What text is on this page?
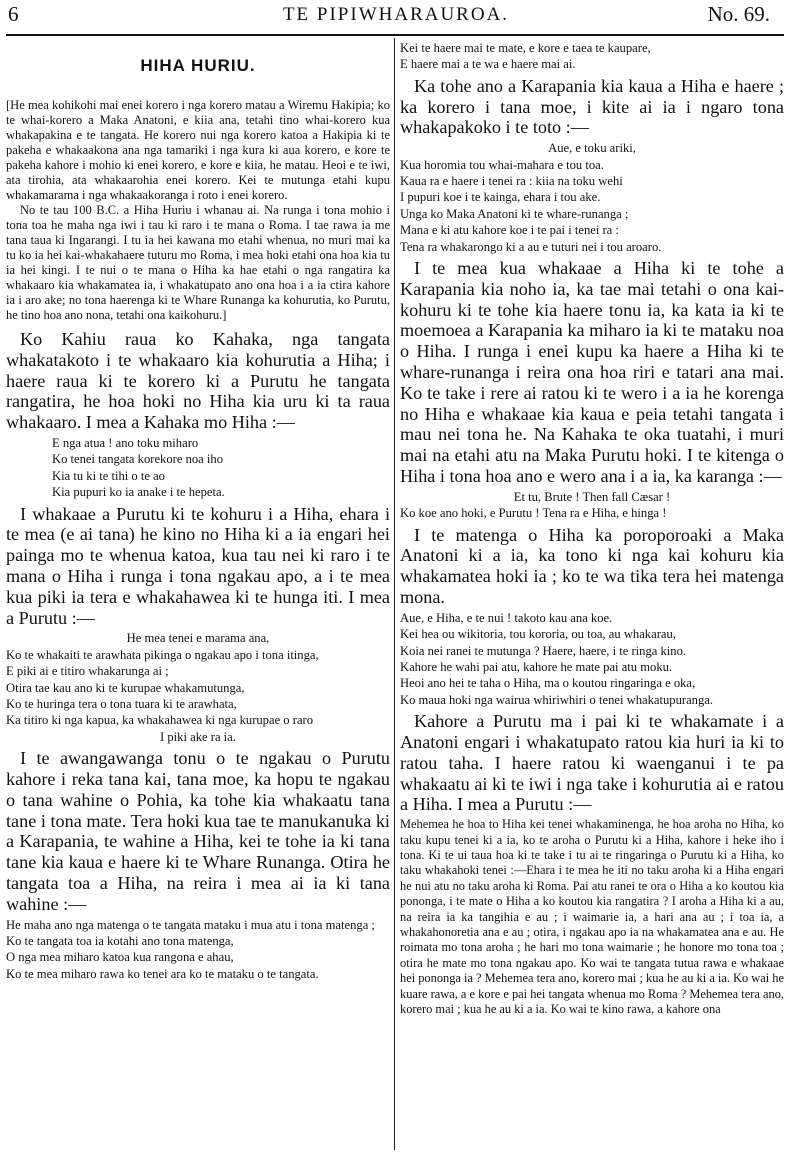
6	TE PIPIWHARAUROA.	No. 69.
HIHA HURIU.

[He mea kohikohi mai enei korero i nga korero matau a Wiremu Hakipia; ko te whai-korero a Maka Anatoni, e kiia ana, tetahi tino whai-korero kua whakapakina e te tangata. He korero nui nga korero katoa a Hakipia ki te pakeha e whakaakona ana nga tamariki i nga kura ki aua korero, e kore te pakeha kahore i mohio ki enei korero, e kore e kiia, he matau. Heoi e te iwi, ata tirohia, ata whakaarohia enei korero. Kei te mutunga etahi kupu whakamarama i nga whakaakoranga i roto i enei korero.

No te tau 100 B.C. a Hiha Huriu i whanau ai. Na runga i tona mohio i tona toa he maha nga iwi i tau ki raro i te mana o Roma. I tae rawa ia me tana taua ki Ingarangi. I tu ia hei kawana mo etahi whenua, no muri mai ka tu ko ia hei kai-whakahaere tuturu mo Roma, i mea hoki etahi ona hoa kia tu ia hei kingi. I te nui o te mana o Hiha ka hae etahi o nga rangatira ka whakaaro kia whakamatea ia, i whakatupato ano ona hoa i a ia ctira kahore ia i aro ake; no tona haerenga ki te Whare Runanga ka kohurutia, ko Purutu, he tino hoa ano nona, tetahi ona kaikohuru.]

Ko Kahiu raua ko Kahaka, nga tangata whakatakoto i te whakaaro kia kohurutia a Hiha; i haere raua ki te korero ki a Purutu he tangata rangatira, he hoa hoki no Hiha kia uru ki ta raua whakaaro. I mea a Kahaka mo Hiha :—

E nga atua ! ano toku miharo
Ko tenei tangata korekore noa iho
Kia tu ki te tihi o te ao
Kia pupuri ko ia anake i te hepeta.

I whakaae a Purutu ki te kohuru i a Hiha, ehara i te mea (e ai tana) he kino no Hiha ki a ia engari hei painga mo te whenua katoa, kua tau nei ki raro i te mana o Hiha i runga i tona ngakau apo, a i te mea kua piki ia tera e whakahawea ki te hunga iti. I mea a Purutu :—

He mea tenei e marama ana,
Ko te whakaiti te arawhata pikinga o ngakau apo i tona itinga,
E piki ai e titiro whakarunga ai ;
Otira tae kau ano ki te kurupae whakamutunga,
Ko te huringa tera o tona tuara ki te arawhata,
Ka titiro ki nga kapua, ka whakahawea ki nga kurupae o raro
I piki ake ra ia.

I te awangawanga tonu o te ngakau o Purutu kahore i reka tana kai, tana moe, ka hopu te ngakau o tana wahine o Pohia, ka tohe kia whakaatu tana tane i tona mate. Tera hoki kua tae te manukanuka ki a Karapania, te wahine a Hiha, kei te tohe ia ki tana tane kia kaua e haere ki te Whare Runanga. Otira he tangata toa a Hiha, na reira i mea ai ia ki tana wahine :—

He maha ano nga matenga o te tangata mataku i mua atu i tona matenga ;
Ko te tangata toa ia kotahi ano tona matenga,
O nga mea miharo katoa kua rangona e ahau,
Ko te mea miharo rawa ko tenei ara ko te mataku o te tangata.
Kei te haere mai te mate, e kore e taea te kaupare,
E haere mai a te wa e haere mai ai.

Ka tohe ano a Karapania kia kaua a Hiha e haere ; ka korero i tana moe, i kite ai ia i ngaro tona whakapakoko i te toto :—

Aue, e toku ariki,
Kua horomia tou whai-mahara e tou toa.
Kaua ra e haere i tenei ra : kiia na toku wehi
I pupuri koe i te kainga, ehara i tou ake.
Unga ko Maka Anatoni ki te whare-runanga ;
Mana e ki atu kahore koe i te pai i tenei ra :
Tena ra whakarongo ki a au e tuturi nei i tou aroaro.

I te mea kua whakaae a Hiha ki te tohe a Karapania kia noho ia, ka tae mai tetahi o ona kai-kohuru ki te tohe kia haere tonu ia, ka kata ia ki te moemoea a Karapania ka miharo ia ki te mataku noa o Hiha. I runga i enei kupu ka haere a Hiha ki te whare-runanga i reira ona hoa riri e tatari ana mai. Ko te take i rere ai ratou ki te wero i a ia he korenga no Hiha e whakaae kia kaua e peia tetahi tangata i mau nei tona he. Na Kahaka te oka tuatahi, i muri mai na etahi atu na Maka Purutu hoki. I te kitenga o Hiha i tona hoa ano e wero ana i a ia, ka karanga :—

Et tu, Brute ! Then fall Cæsar !
Ko koe ano hoki, e Purutu ! Tena ra e Hiha, e hinga !

I te matenga o Hiha ka poroporoaki a Maka Anatoni ki a ia, ka tono ki nga kai kohuru kia whakamatea hoki ia ; ko te wa tika tera hei matenga mona.

Aue, e Hiha, e te nui ! takoto kau ana koe.
Kei hea ou wikitoria, tou kororia, ou toa, au whakarau,
Koia nei ranei te mutunga ? Haere, haere, i te ringa kino.
Kahore he wahi pai atu, kahore he mate pai atu moku.
Heoi ano hei te taha o Hiha, ma o koutou ringaringa e oka,
Ko maua hoki nga wairua whiriwhiri o tenei whakatupuranga.

Kahore a Purutu ma i pai ki te whakamate i a Anatoni engari i whakatupato ratou kia huri ia ki to ratou taha. I haere ratou ki waenganui i te pa whakaatu ai ki te iwi i nga take i kohurutia ai e ratou a Hiha. I mea a Purutu :—

Mehemea he hoa to Hiha kei tenei whakaminenga, he hoa aroha no Hiha, ko taku kupu tenei ki a ia, ko te aroha o Purutu ki a Hiha, kahore i heke iho i tona. Ki te ui taua hoa ki te take i tu ai te ringaringa o Purutu ki a Hiha, ko taku whakahoki tenei :—Ehara i te mea he iti no taku aroha ki a Hiha engari he nui atu no taku aroha ki Roma. Pai atu ranei te ora o Hiha a ko koutou kia pononga, i te mate o Hiha a ko koutou kia rangatira ? I aroha a Hiha ki a au, na reira ia ka tangihia e au ; i waimarie ia, a hari ana au ; i toa ia, a whakahonoretia ana e au ; otira, i ngakau apo ia na whakamatea ana e au. He roimata mo tona aroha ; he hari mo tona waimarie ; he honore mo tona toa ; otira he mate mo tona ngakau apo. Ko wai te tangata tutua rawa e whakaae hei pononga ia ? Mehemea tera ano, korero mai ; kua he au ki a ia. Ko wai he kuare rawa, a e kore e pai hei tangata whenua mo Roma ? Mehemea tera ano, korero mai ; kua he au ki a ia. Ko wai te kino rawa, a kahore ona
